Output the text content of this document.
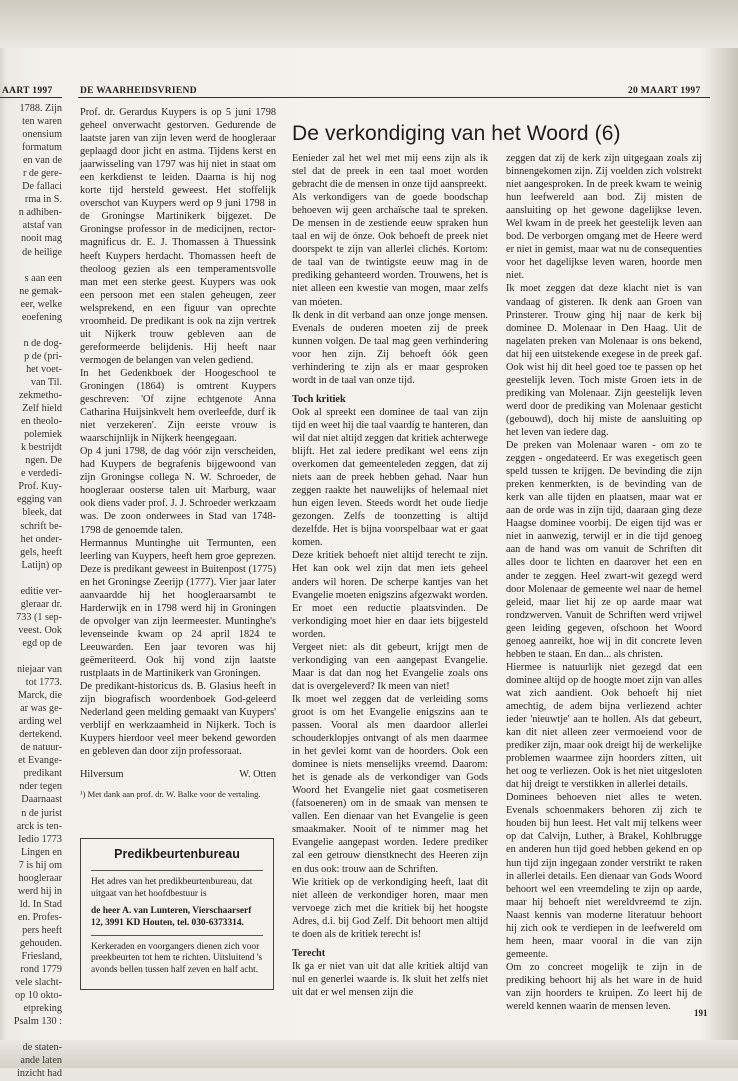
AART 1997
1788. Zijn
ten waren
onensium
formatum
en van de
r de gere-
De fallaci
rma in S.
n adhiben-
atstaf van
nooit mag
de heilige
s aan een
ne gemak-
eer, welke
eoefening
n de dog-
p de (pri-
het voet-
van Til.
zekmetho-
Zelf hield
en theolo-
polemiek
k bestrijdt
ngen. De
e verdedi-
Prof. Kuy-
egging van
bleek, dat
schrift be-
het onder-
gels, heeft
Latijn) op
editie ver-
gleraar dr.
733 (1 sep-
veest. Ook
egd op de
niejaar van
tot 1773.
Marck, die
ar was ge-
arding wel
dertekend.
de natuur-
et Evange-
predikant
nder tegen
Daarnaast
n de jurist
arck is ten-
Iedio 1773
Lingen en
7 is hij om
hoogleraar
werd hij in
ld. In Stad
en. Profes-
pers heeft
gehouden.
Friesland,
rond 1779
vele slacht-
op 10 okto-
etpreking
Psalm 130 :
de staten-
ande laten
inzicht had
DE WAARHEIDSVRIEND	20 MAART 1997

Prof. dr. Gerardus Kuypers is op 5 juni 1798 geheel onverwacht gestorven. Gedurende de laatste jaren van zijn leven werd de hoogleraar geplaagd door jicht en astma. Tijdens kerst en jaarwisseling van 1797 was hij niet in staat om een kerkdienst te leiden. Daarna is hij nog korte tijd hersteld geweest. Het stoffelijk overschot van Kuypers werd op 9 juni 1798 in de Groningse Martinikerk bijgezet. De Groningse professor in de medicijnen, rector-magnificus dr. E. J. Thomassen à Thuessink heeft Kuypers herdacht. Thomassen heeft de theoloog gezien als een temperamentsvolle man met een sterke geest. Kuypers was ook een persoon met een stalen geheugen, zeer welsprekend, en een figuur van oprechte vroomheid. De predikant is ook na zijn vertrek uit Nijkerk trouw gebleven aan de gereformeerde belijdenis. Hij heeft naar vermogen de belangen van velen gediend.

In het Gedenkboek der Hoogeschool te Groningen (1864) is omtrent Kuypers geschreven: 'Of zijne echtgenote Anna Catharina Huijsinkvelt hem overleefde, durf ik niet verzekeren'. Zijn eerste vrouw is waarschijnlijk in Nijkerk heengegaan.

Op 4 juni 1798, de dag vóór zijn verscheiden, had Kuypers de begrafenis bijgewoond van zijn Groningse collega N. W. Schroeder, de hoogleraar oosterse talen uit Marburg, waar ook diens vader prof. J. J. Schroeder werkzaam was. De zoon onderwees in Stad van 1748-1798 de genoemde talen.

Hermannus Muntinghe uit Termunten, een leerling van Kuypers, heeft hem groe geprezen. Deze is predikant geweest in Buitenpost (1775) en het Groningse Zeerijp (1777). Vier jaar later aanvaardde hij het hoogleraarsambt te Harderwijk en in 1798 werd hij in Groningen de opvolger van zijn leermeester. Muntinghe's levenseinde kwam op 24 april 1824 te Leeuwarden. Een jaar tevoren was hij geëmeriteerd. Ook hij vond zijn laatste rustplaats in de Martinikerk van Groningen.

De predikant-historicus ds. B. Glasius heeft in zijn biografisch woordenboek God-geleerd Nederland geen melding gemaakt van Kuypers' verblijf en werkzaamheid in Nijkerk. Toch is Kuypers hierdoor veel meer bekend geworden en gebleven dan door zijn professoraat.

Hilversum	W. Otten
¹) Met dank aan prof. dr. W. Balke voor de vertaling.
Predikbeurtenbureau

Het adres van het predikbeurtenbureau, dat uitgaat van het hoofdbestuur is

de heer A. van Lunteren, Vierschaarserf 12, 3991 KD Houten, tel. 030-6373314.

Kerkeraden en voorgangers dienen zich voor preekbeurten tot hem te richten. Uitsluitend 's avonds bellen tussen half zeven en half acht.

De verkondiging van het Woord (6)

Eenieder zal het wel met mij eens zijn als ik stel dat de preek in een taal moet worden gebracht die de mensen in onze tijd aanspreekt.

Als verkondigers van de goede boodschap behoeven wij geen archaïsche taal te spreken. De mensen in de zestiende eeuw spraken hun taal en wij de ónze. Ook behoeft de preek niet doorspekt te zijn van allerlei clichés. Kortom: de taal van de twintigste eeuw mag in de prediking gehanteerd worden. Trouwens, het is niet alleen een kwestie van mogen, maar zelfs van móeten.

Ik denk in dit verband aan onze jonge mensen. Evenals de ouderen moeten zij de preek kunnen volgen. De taal mag geen verhindering voor hen zijn. Zij behoeft óók geen verhindering te zijn als er maar gesproken wordt in de taal van onze tijd.

Toch kritiek

Ook al spreekt een dominee de taal van zijn tijd en weet hij die taal vaardig te hanteren, dan wil dat niet altijd zeggen dat kritiek achterwege blijft. Het zal iedere predikant wel eens zijn overkomen dat gemeenteleden zeggen, dat zij niets aan de preek hebben gehad. Naar hun zeggen raakte het nauwelijks of helemaal niet hun eigen leven. Steeds wordt het oude liedje gezongen. Zelfs de toonzetting is altijd dezelfde. Het is bijna voorspelbaar wat er gaat komen.

Deze kritiek behoeft niet altijd terecht te zijn. Het kan ook wel zijn dat men iets geheel anders wil horen. De scherpe kantjes van het Evangelie moeten enigszins afgezwakt worden. Er moet een reductie plaatsvinden. De verkondiging moet hier en daar iets bijgesteld worden.

Vergeet niet: als dit gebeurt, krijgt men de verkondiging van een aangepast Evangelie. Maar is dat dan nog het Evangelie zoals ons dat is overgeleverd? Ik meen van niet!

Ik moet wel zeggen dat de verleiding soms groot is om het Evangelie enigszins aan te passen. Vooral als men daardoor allerlei schouderklopjes ontvangt of als men daarmee in het gevlei komt van de hoorders. Ook een dominee is niets menselijks vreemd. Daarom: het is genade als de verkondiger van Gods Woord het Evangelie niet gaat cosmetiseren (fatsoeneren) om in de smaak van mensen te vallen. Een dienaar van het Evangelie is geen smaakmaker. Nooit of te nimmer mag het Evangelie aangepast worden. Iedere prediker zal een getrouw dienstknecht des Heeren zijn en dus ook: trouw aan de Schriften.

Wie kritiek op de verkondiging heeft, laat dit niet alleen de verkondiger horen, maar men vervoege zich met die kritiek bij het hoogste Adres, d.i. bij God Zelf. Dit behoort men altijd te doen als de kritiek terecht is!

Terecht

Ik ga er niet van uit dat alle kritiek altijd van nul en generlei waarde is. Ik sluit het zelfs niet uit dat er wel mensen zijn die

zeggen dat zij de kerk zijn uitgegaan zoals zij binnengekomen zijn. Zij voelden zich volstrekt niet aangesproken. In de preek kwam te weinig hun leefwereld aan bod. Zij misten de aansluiting op het gewone dagelijkse leven. Wel kwam in de preek het geestelijk leven aan bod. De verborgen omgang met de Heere werd er niet in gemist, maar wat nu de consequenties voor het dagelijkse leven waren, hoorde men niet.

Ik moet zeggen dat deze klacht niet is van vandaag of gisteren. Ik denk aan Groen van Prinsterer. Trouw ging hij naar de kerk bij dominee D. Molenaar in Den Haag. Uit de nagelaten preken van Molenaar is ons bekend, dat hij een uitstekende exegese in de preek gaf. Ook wist hij dit heel goed toe te passen op het geestelijk leven. Toch miste Groen iets in de prediking van Molenaar. Zijn geestelijk leven werd door de prediking van Molenaar gesticht (gebouwd), doch hij miste de aansluiting op het leven van iedere dag.

De preken van Molenaar waren - om zo te zeggen - ongedateerd. Er was exegetisch geen speld tussen te krijgen. De bevinding die zijn preken kenmerkten, is de bevinding van de kerk van alle tijden en plaatsen, maar wat er aan de orde was in zijn tijd, daaraan ging deze Haagse dominee voorbij. De eigen tijd was er niet in aanwezig, terwijl er in die tijd genoeg aan de hand was om vanuit de Schriften dit alles door te lichten en daarover het een en ander te zeggen. Heel zwart-wit gezegd werd door Molenaar de gemeente wel naar de hemel geleid, maar liet hij ze op aarde maar wat rondzwerven. Vanuit de Schriften werd vrijwel geen leiding gegeven, ofschoon het Woord genoeg aanreikt, hoe wij in dit concrete leven hebben te staan. En dan... als christen.

Hiermee is natuurlijk niet gezegd dat een dominee altijd op de hoogte moet zijn van alles wat zich aandient. Ook behoeft hij niet amechtig, de adem bijna verliezend achter ieder 'nieuwtje' aan te hollen. Als dat gebeurt, kan dit niet alleen zeer vermoeiend voor de prediker zijn, maar ook dreigt hij de werkelijke problemen waarmee zijn hoorders zitten, uit het oog te verliezen. Ook is het niet uitgesloten dat hij dreigt te verstikken in allerlei details.

Dominees behoeven niet alles te weten. Evenals schoenmakers behoren zij zich te houden bij hun leest. Het valt mij telkens weer op dat Calvijn, Luther, à Brakel, Kohlbrugge en anderen hun tijd goed hebben gekend en op hun tijd zijn ingegaan zonder verstrikt te raken in allerlei details. Een dienaar van Gods Woord behoort wel een vreemdeling te zijn op aarde, maar hij behoeft niet wereldvreemd te zijn. Naast kennis van moderne literatuur behoort hij zich ook te verdiepen in de leefwereld om hem heen, maar vooral in die van zijn gemeente.

Om zo concreet mogelijk te zijn in de prediking behoort hij als het ware in de huid van zijn hoorders te kruipen. Zo leert hij de wereld kennen waarin de mensen leven.

191
